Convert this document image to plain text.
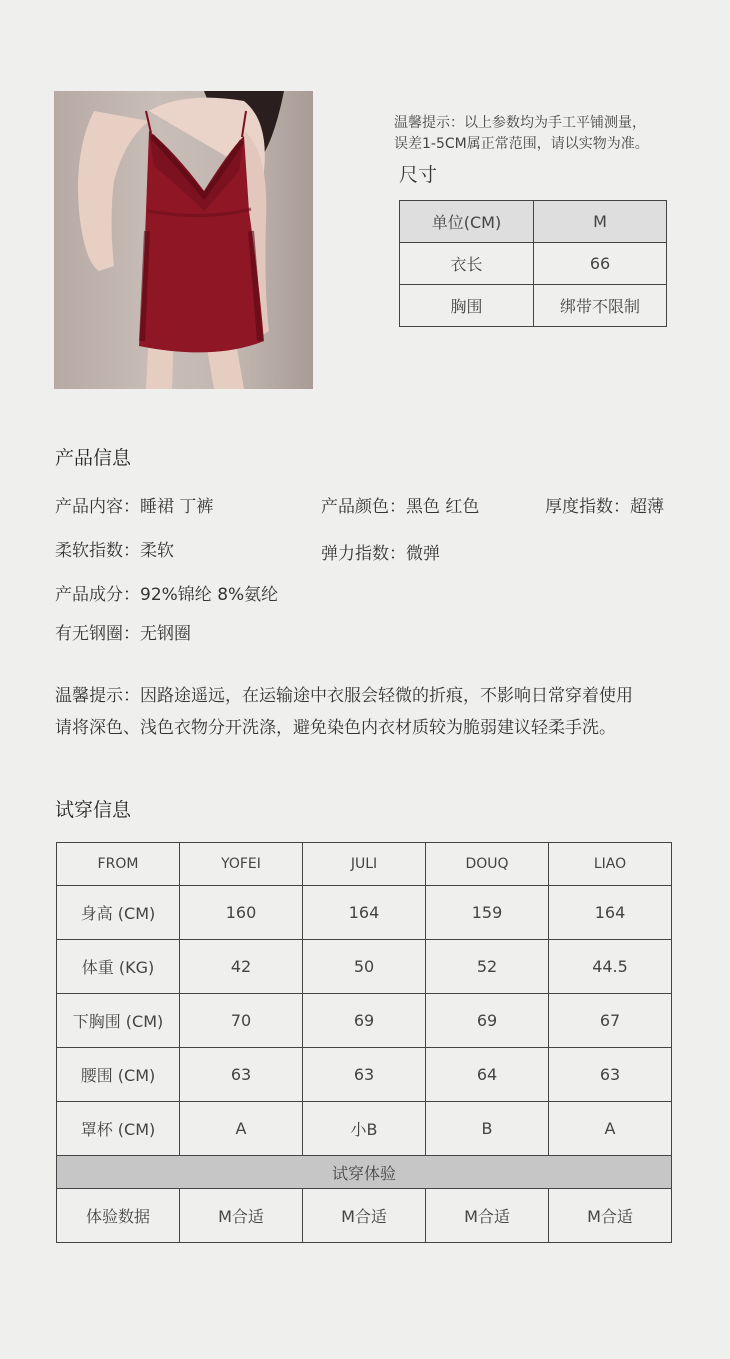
温馨提示：以上参数均为手工平铺测量，
误差1-5CM属正常范围，请以实物为准。
尺寸
单位(CM)	M
衣长	66
胸围	绑带不限制
产品信息
产品内容：睡裙 丁裤	产品颜色：黑色 红色	厚度指数：超薄
柔软指数：柔软	弹力指数：微弹
产品成分：92%锦纶 8%氨纶
有无钢圈：无钢圈
温馨提示：因路途遥远，在运输途中衣服会轻微的折痕，不影响日常穿着使用
请将深色、浅色衣物分开洗涤，避免染色内衣材质较为脆弱建议轻柔手洗。
试穿信息
FROM	YOFEI	JULI	DOUQ	LIAO
身高 (CM)	160	164	159	164
体重 (KG)	42	50	52	44.5
下胸围 (CM)	70	69	69	67
腰围 (CM)	63	63	64	63
罩杯 (CM)	A	小B	B	A
试穿体验				
体验数据	M合适	M合适	M合适	M合适
